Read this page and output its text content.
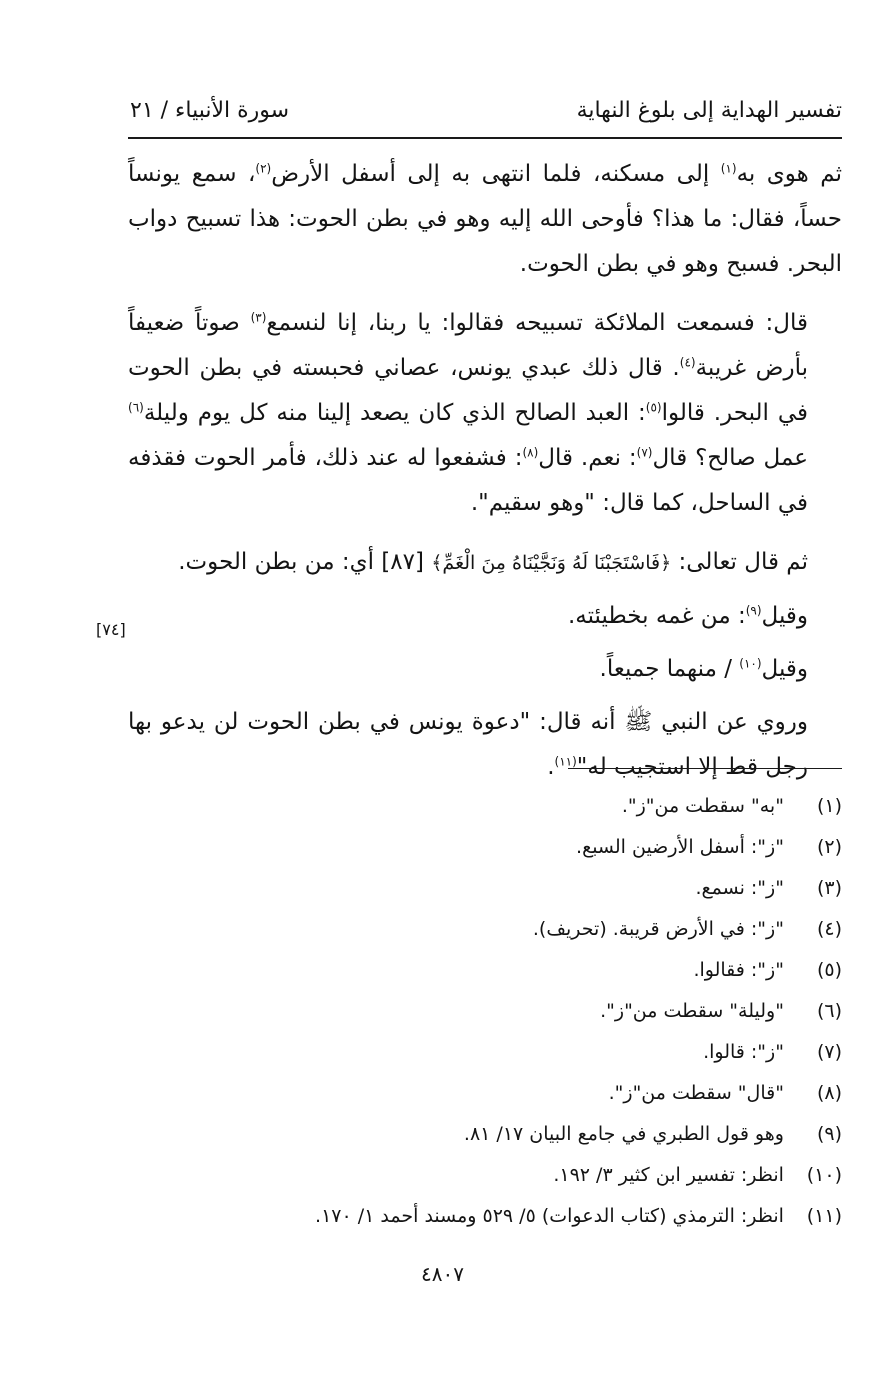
تفسير الهداية إلى بلوغ النهاية
سورة الأنبياء / ٢١
[٧٤]

ثم هوى به$^{(١)}$ إلى مسكنه، فلما انتهى به إلى أسفل الأرض$^{(٢)}$، سمع يونساً حساً، فقال: ما هذا؟ فأوحى الله إليه وهو في بطن الحوت: هذا تسبيح دواب البحر. فسبح وهو في بطن الحوت.

قال: فسمعت الملائكة تسبيحه فقالوا: يا ربنا، إنا لنسمع$^{(٣)}$ صوتاً ضعيفاً بأرض غريبة$^{(٤)}$. قال ذلك عبدي يونس، عصاني فحبسته في بطن الحوت في البحر. قالوا$^{(٥)}$: العبد الصالح الذي كان يصعد إلينا منه كل يوم وليلة$^{(٦)}$ عمل صالح؟ قال$^{(٧)}$: نعم. قال$^{(٨)}$: فشفعوا له عند ذلك، فأمر الحوت فقذفه في الساحل، كما قال: "وهو سقيم".

ثم قال تعالى: ﴿فَاسْتَجَبْنَا لَهُ وَنَجَّيْنَاهُ مِنَ الْغَمِّ﴾ [٨٧] أي: من بطن الحوت.

وقيل$^{(٩)}$: من غمه بخطيئته.

وقيل$^{(١٠)}$ / منهما جميعاً.

وروي عن النبي ﷺ أنه قال: "دعوة يونس في بطن الحوت لن يدعو بها رجل قط إلا استجيب له"$^{(١١)}$.

(١) "به" سقطت من"ز".
(٢) "ز": أسفل الأرضين السبع.
(٣) "ز": نسمع.
(٤) "ز": في الأرض قريبة. (تحريف).
(٥) "ز": فقالوا.
(٦) "وليلة" سقطت من"ز".
(٧) "ز": قالوا.
(٨) "قال" سقطت من"ز".
(٩) وهو قول الطبري في جامع البيان ١٧/ ٨١.
(١٠) انظر: تفسير ابن كثير ٣/ ١٩٢.
(١١) انظر: الترمذي (كتاب الدعوات) ٥/ ٥٢٩ ومسند أحمد ١/ ١٧٠.
٤٨٠٧
